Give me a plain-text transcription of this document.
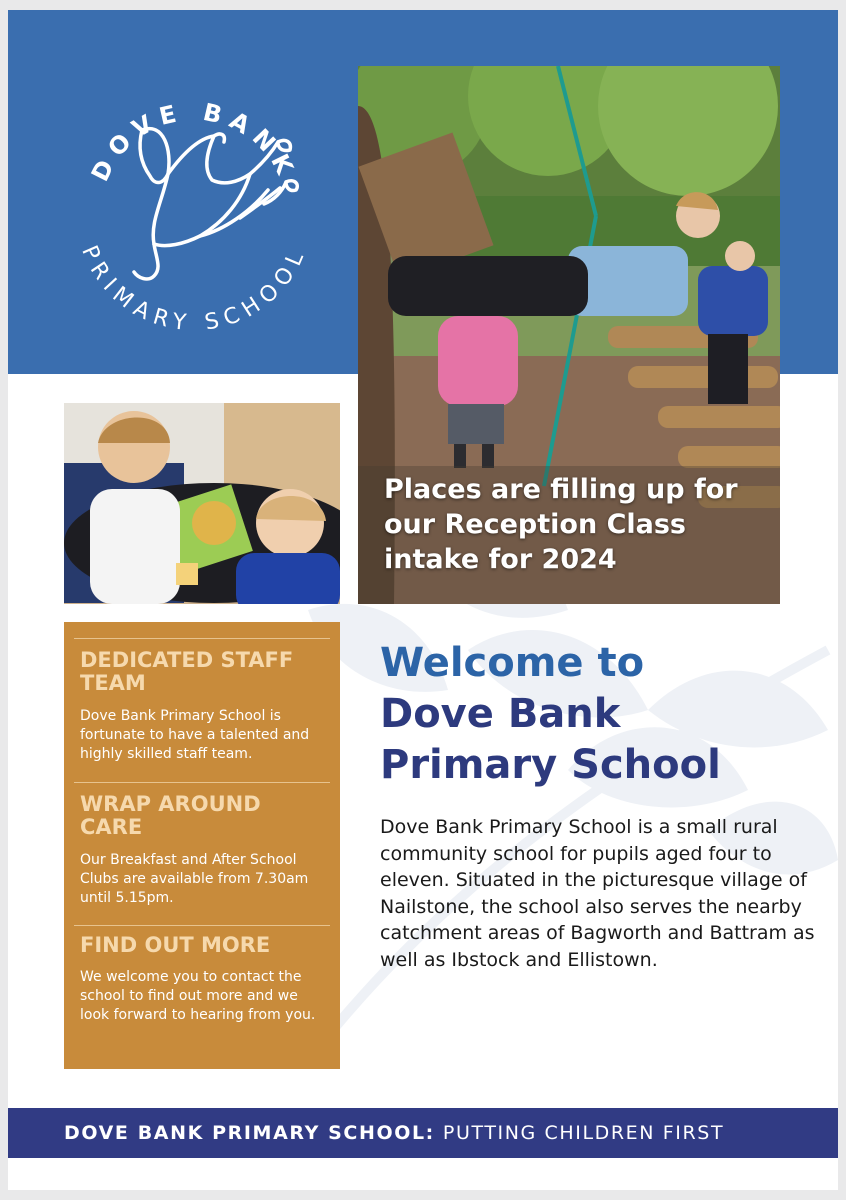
DOVE BANK
PRIMARY SCHOOL
Places are filling up for our Reception Class intake for 2024
DEDICATED STAFF TEAM
Dove Bank Primary School is fortunate to have a talented and highly skilled staff team.
WRAP AROUND CARE
Our Breakfast and After School Clubs are available from 7.30am until 5.15pm.
FIND OUT MORE
We welcome you to contact the school to find out more and we look forward to hearing from you.
Welcome to
Dove Bank
Primary School
Dove Bank Primary School is a small rural community school for pupils aged four to eleven. Situated in the picturesque village of Nailstone, the school also serves the nearby catchment areas of Bagworth and Battram as well as Ibstock and Ellistown.
DOVE BANK PRIMARY SCHOOL: PUTTING CHILDREN FIRST
